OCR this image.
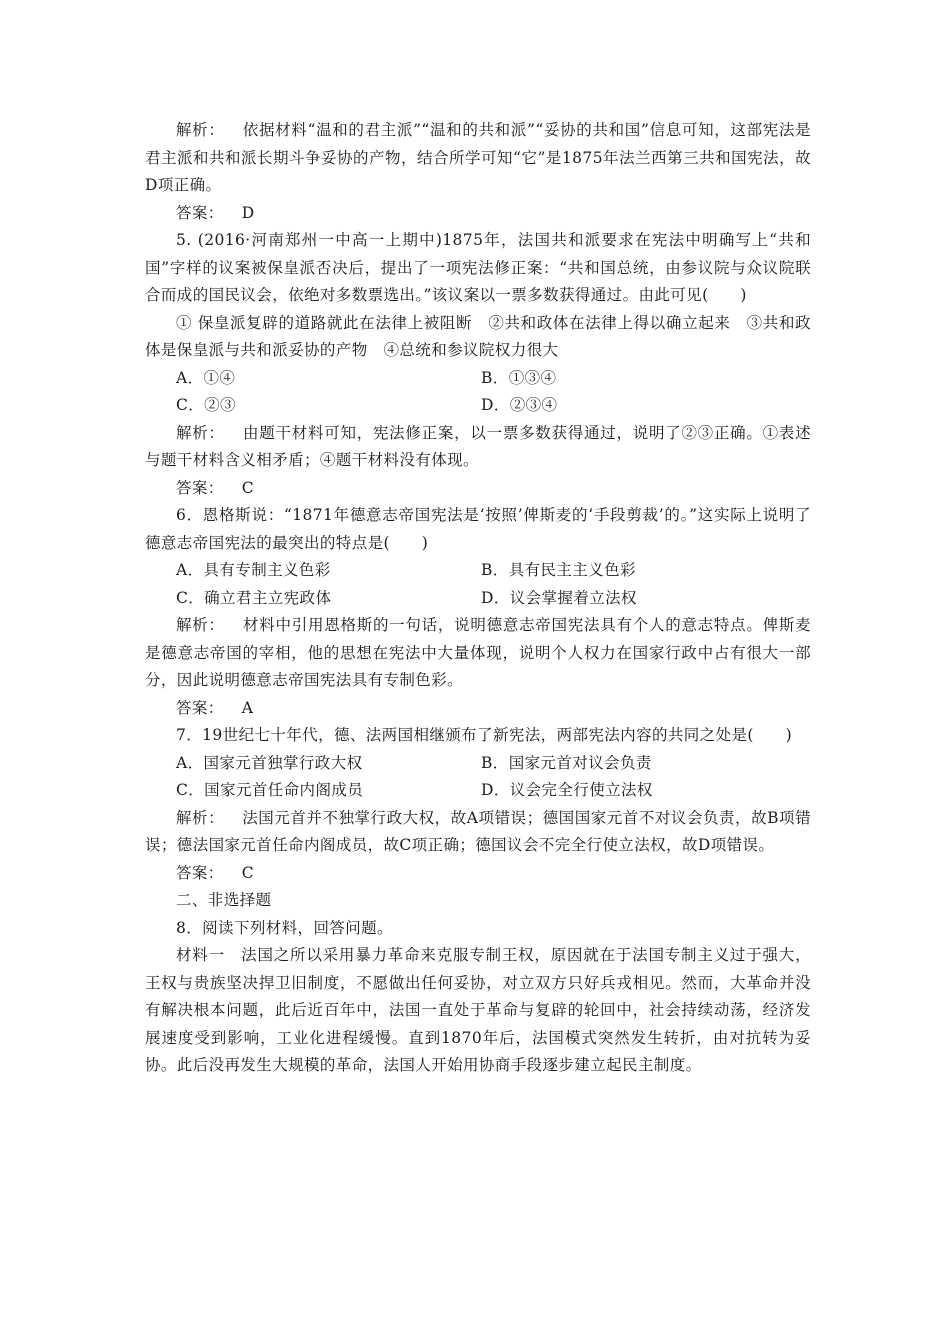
解析： 依据材料“温和的君主派”“温和的共和派”“妥协的共和国”信息可知，这部宪法是君主派和共和派长期斗争妥协的产物，结合所学可知“它”是1875年法兰西第三共和国宪法，故D项正确。

答案： D

5. (2016·河南郑州一中高一上期中)1875年，法国共和派要求在宪法中明确写上“共和国”字样的议案被保皇派否决后，提出了一项宪法修正案：“共和国总统，由参议院与众议院联合而成的国民议会，依绝对多数票选出。”该议案以一票多数获得通过。由此可见(　　)

① 保皇派复辟的道路就此在法律上被阻断　②共和政体在法律上得以确立起来　③共和政体是保皇派与共和派妥协的产物　④总统和参议院权力很大

A．①④	B．①③④
C．②③	D．②③④

解析： 由题干材料可知，宪法修正案，以一票多数获得通过，说明了②③正确。①表述与题干材料含义相矛盾；④题干材料没有体现。

答案： C

6．恩格斯说：“1871年德意志帝国宪法是‘按照’俾斯麦的‘手段剪裁’的。”这实际上说明了德意志帝国宪法的最突出的特点是(　　)

A．具有专制主义色彩	B．具有民主主义色彩
C．确立君主立宪政体	D．议会掌握着立法权

解析： 材料中引用恩格斯的一句话，说明德意志帝国宪法具有个人的意志特点。俾斯麦是德意志帝国的宰相，他的思想在宪法中大量体现，说明个人权力在国家行政中占有很大一部分，因此说明德意志帝国宪法具有专制色彩。

答案： A

7．19世纪七十年代，德、法两国相继颁布了新宪法，两部宪法内容的共同之处是(　　)

A．国家元首独掌行政大权	B．国家元首对议会负责
C．国家元首任命内阁成员	D．议会完全行使立法权

解析： 法国元首并不独掌行政大权，故A项错误；德国国家元首不对议会负责，故B项错误；德法国家元首任命内阁成员，故C项正确；德国议会不完全行使立法权，故D项错误。

答案： C

二、非选择题

8．阅读下列材料，回答问题。

材料一　法国之所以采用暴力革命来克服专制王权，原因就在于法国专制主义过于强大，王权与贵族坚决捍卫旧制度，不愿做出任何妥协，对立双方只好兵戎相见。然而，大革命并没有解决根本问题，此后近百年中，法国一直处于革命与复辟的轮回中，社会持续动荡，经济发展速度受到影响，工业化进程缓慢。直到1870年后，法国模式突然发生转折，由对抗转为妥协。此后没再发生大规模的革命，法国人开始用协商手段逐步建立起民主制度。
